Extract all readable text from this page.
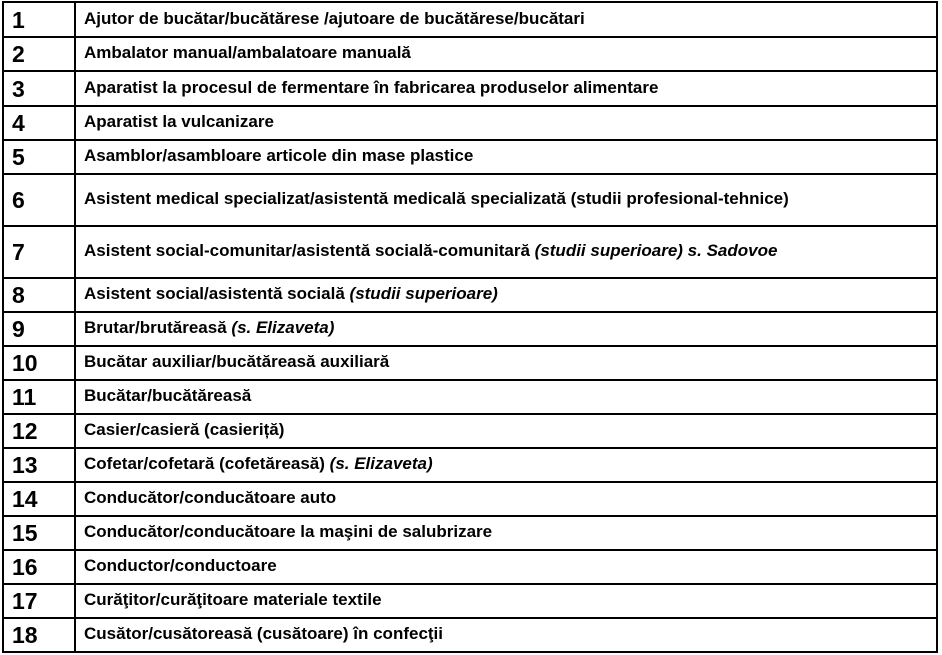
1	Ajutor de bucătar/bucătărese /ajutoare de bucătărese/bucătari

2	Ambalator manual/ambalatoare manuală

3	Aparatist la procesul de fermentare în fabricarea produselor alimentare

4	Aparatist la vulcanizare

5	Asamblor/asambloare articole din mase plastice

6	Asistent medical specializat/asistentă medicală specializată (studii profesional-tehnice)

7	Asistent social-comunitar/asistentă socială-comunitară (studii superioare) s. Sadovoe

8	Asistent social/asistentă socială (studii superioare)

9	Brutar/brutăreasă (s. Elizaveta)

10	Bucătar auxiliar/bucătăreasă auxiliară

11	Bucătar/bucătăreasă

12	Casier/casieră (casieriță)

13	Cofetar/cofetară (cofetăreasă) (s. Elizaveta)

14	Conducător/conducătoare auto

15	Conducător/conducătoare la maşini de salubrizare

16	Conductor/conductoare

17	Curăţitor/curăţitoare materiale textile

18	Cusător/cusătoreasă (cusătoare) în confecţii
